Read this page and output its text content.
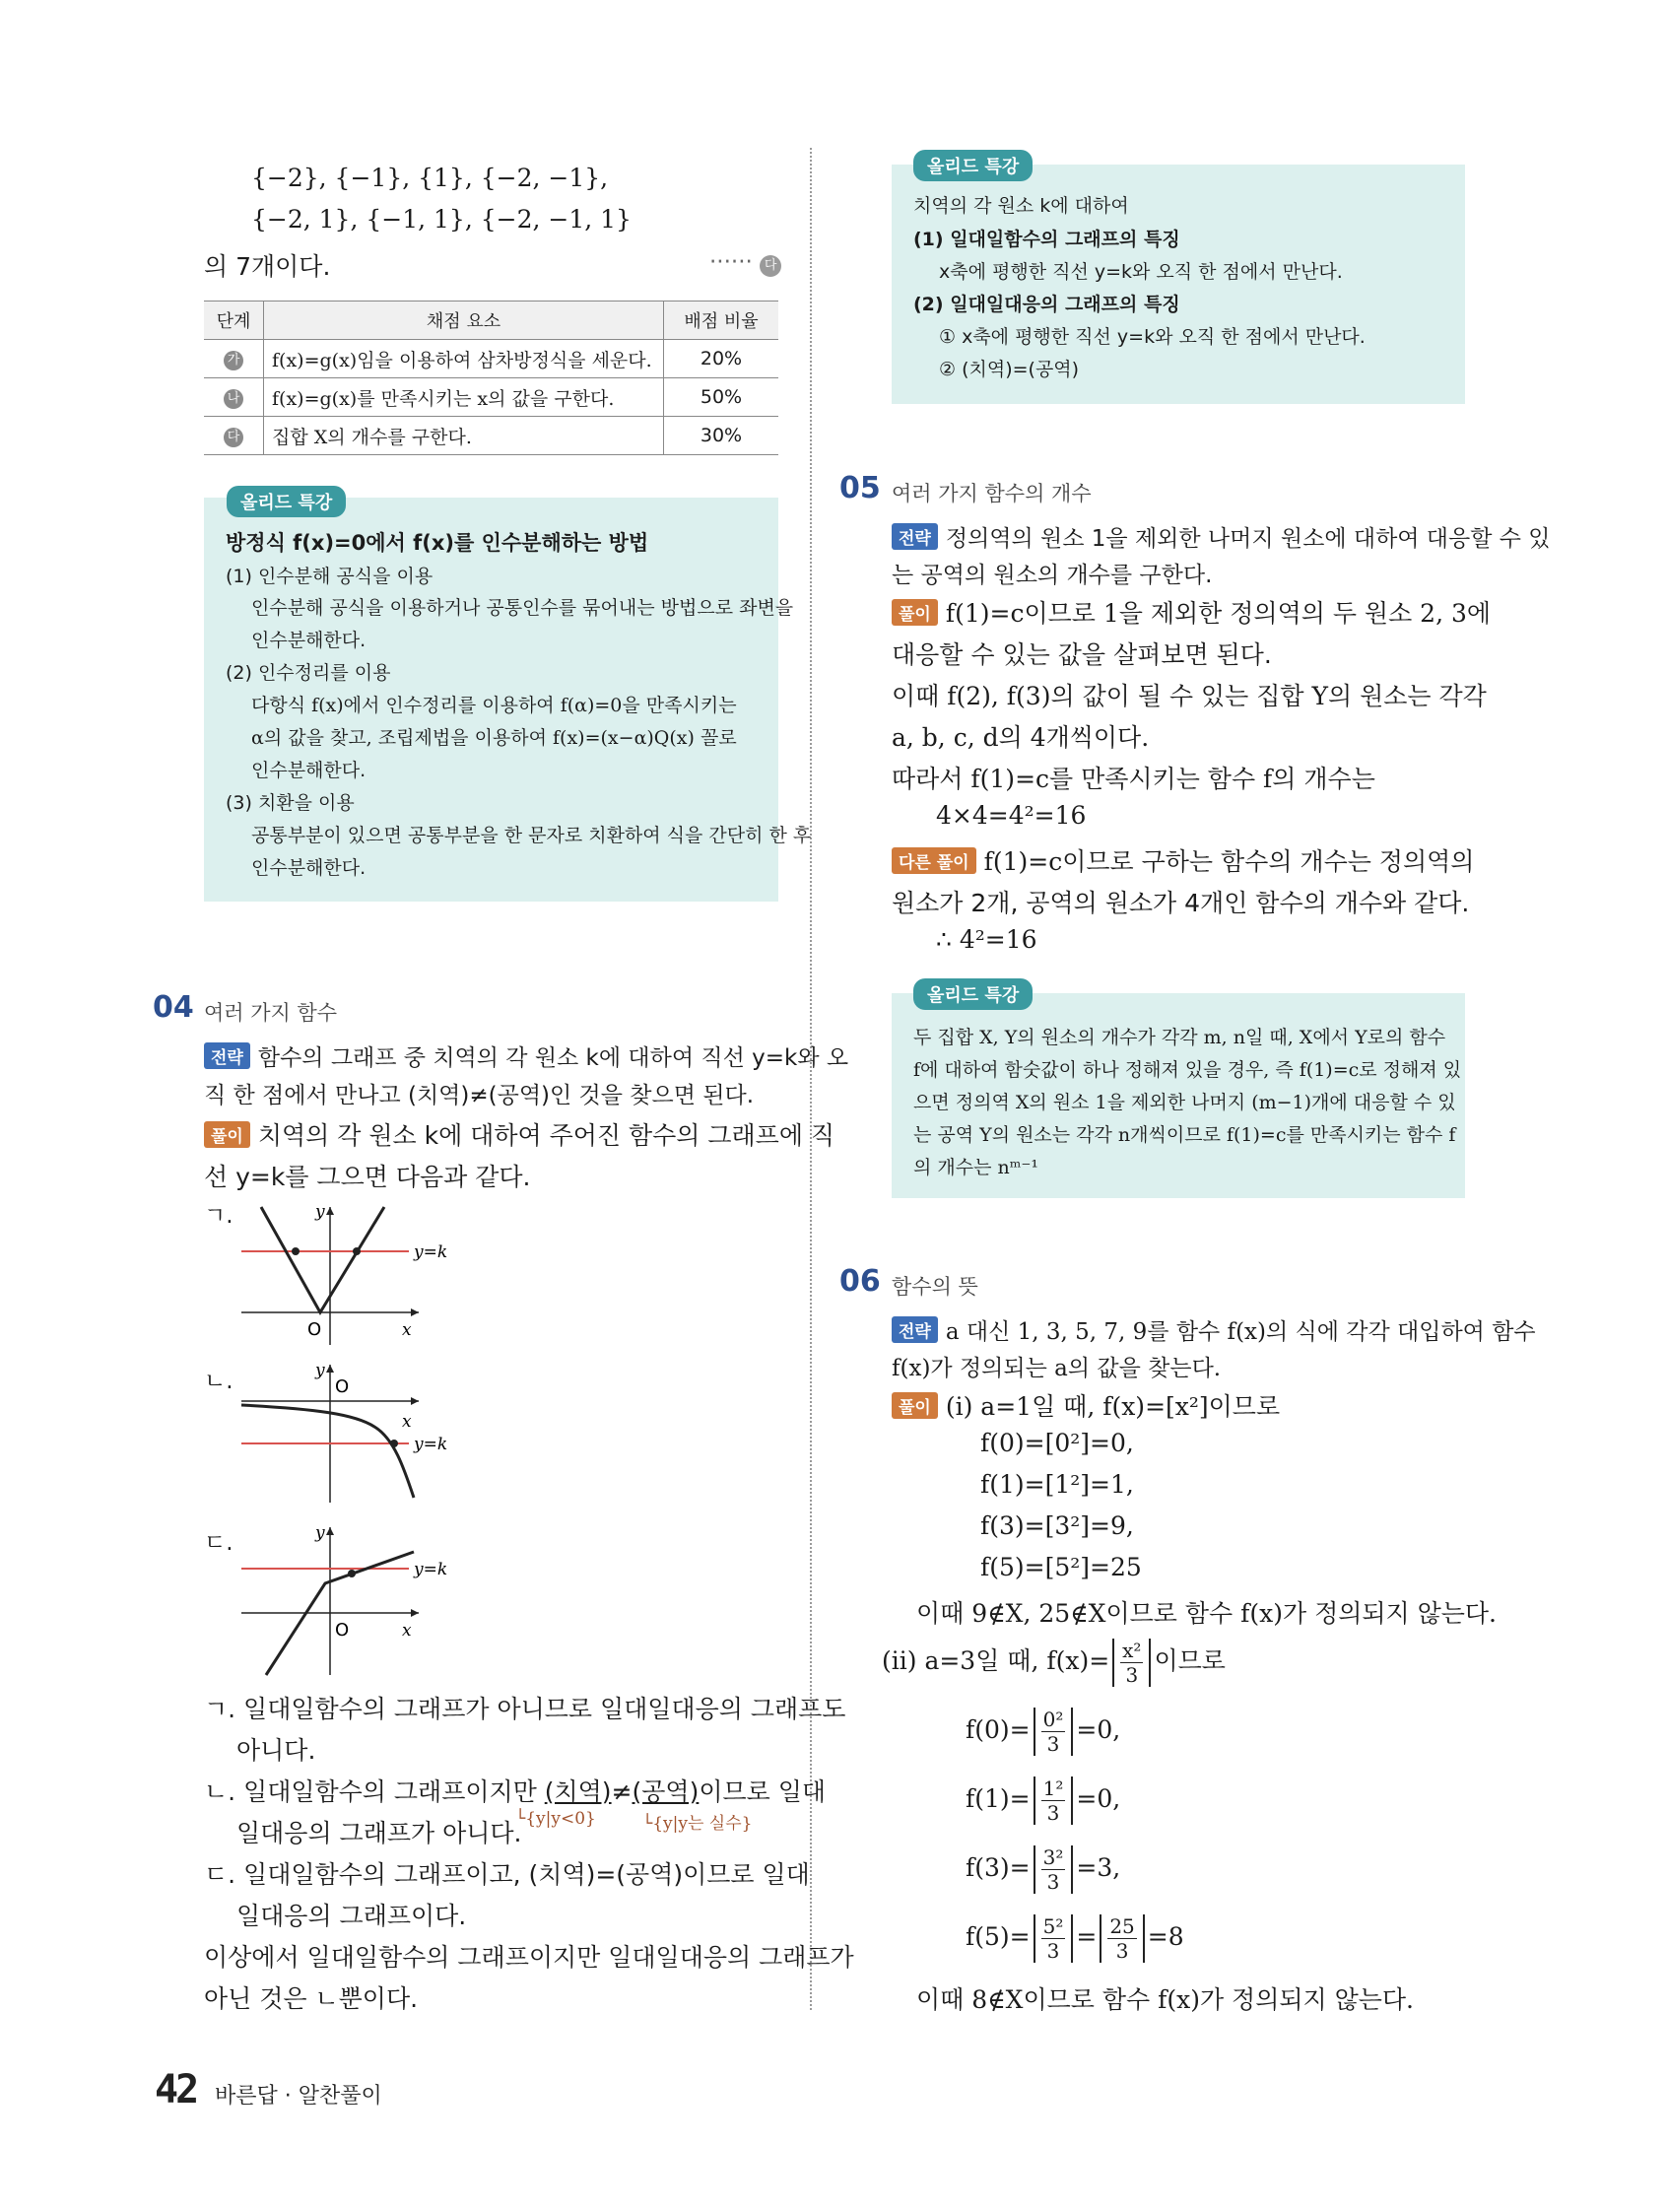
{−2}, {−1}, {1}, {−2, −1},
{−2, 1}, {−1, 1}, {−2, −1, 1}
의 7개이다.	······ 다
단계	채점 요소	배점 비율
가	f(x)=g(x)임을 이용하여 삼차방정식을 세운다.	20%
나	f(x)=g(x)를 만족시키는 x의 값을 구한다.	50%
다	집합 X의 개수를 구한다.	30%
방정식 f(x)=0에서 f(x)를 인수분해하는 방법
(1) 인수분해 공식을 이용
인수분해 공식을 이용하거나 공통인수를 묶어내는 방법으로 좌변을
인수분해한다.
(2) 인수정리를 이용
다항식 f(x)에서 인수정리를 이용하여 f(α)=0을 만족시키는
α의 값을 찾고, 조립제법을 이용하여 f(x)=(x−α)Q(x) 꼴로
인수분해한다.
(3) 치환을 이용
공통부분이 있으면 공통부분을 한 문자로 치환하여 식을 간단히 한 후
인수분해한다.
올리드 특강
04 여러 가지 함수
전략 함수의 그래프 중 치역의 각 원소 k에 대하여 직선 y=k와 오
직 한 점에서 만나고 (치역)≠(공역)인 것을 찾으면 된다.
풀이 치역의 각 원소 k에 대하여 주어진 함수의 그래프에 직
선 y=k를 그으면 다음과 같다.
ㄱ.	y
x
O
y=k
ㄴ.	y
x
O
y=k
ㄷ.	y
x
O
y=k
ㄱ. 일대일함수의 그래프가 아니므로 일대일대응의 그래프도
아니다.
ㄴ. 일대일함수의 그래프이지만 (치역)≠(공역)이므로 일대
일대응의 그래프가 아니다.
└{y|y<0}	└{y|y는 실수}
ㄷ. 일대일함수의 그래프이고, (치역)=(공역)이므로 일대
일대응의 그래프이다.
이상에서 일대일함수의 그래프이지만 일대일대응의 그래프가
아닌 것은 ㄴ뿐이다.
치역의 각 원소 k에 대하여
(1) 일대일함수의 그래프의 특징
x축에 평행한 직선 y=k와 오직 한 점에서 만난다.
(2) 일대일대응의 그래프의 특징
① x축에 평행한 직선 y=k와 오직 한 점에서 만난다.
② (치역)=(공역)
올리드 특강
05 여러 가지 함수의 개수
전략 정의역의 원소 1을 제외한 나머지 원소에 대하여 대응할 수 있
는 공역의 원소의 개수를 구한다.
풀이 f(1)=c이므로 1을 제외한 정의역의 두 원소 2, 3에
대응할 수 있는 값을 살펴보면 된다.
이때 f(2), f(3)의 값이 될 수 있는 집합 Y의 원소는 각각
a, b, c, d의 4개씩이다.
따라서 f(1)=c를 만족시키는 함수 f의 개수는
4×4=4²=16
다른 풀이 f(1)=c이므로 구하는 함수의 개수는 정의역의
원소가 2개, 공역의 원소가 4개인 함수의 개수와 같다.
∴ 4²=16
두 집합 X, Y의 원소의 개수가 각각 m, n일 때, X에서 Y로의 함수
f에 대하여 함숫값이 하나 정해져 있을 경우, 즉 f(1)=c로 정해져 있
으면 정의역 X의 원소 1을 제외한 나머지 (m−1)개에 대응할 수 있
는 공역 Y의 원소는 각각 n개씩이므로 f(1)=c를 만족시키는 함수 f
의 개수는 nᵐ⁻¹
올리드 특강
06 함수의 뜻
전략 a 대신 1, 3, 5, 7, 9를 함수 f(x)의 식에 각각 대입하여 함수
f(x)가 정의되는 a의 값을 찾는다.
풀이 (i) a=1일 때, f(x)=[x²]이므로
f(0)=[0²]=0,
f(1)=[1²]=1,
f(3)=[3²]=9,
f(5)=[5²]=25
이때 9∉X, 25∉X이므로 함수 f(x)가 정의되지 않는다.
(ii) a=3일 때, $f(x)= \frac{\text{x²}}{3}$ 이므로
$f(0)= \frac{\text{0²}}{3} =0$,
$f(1)= \frac{\text{1²}}{3} =0$,
$f(3)= \frac{\text{3²}}{3} =3$,
$f(5)= \frac{\text{5²}}{3} = \frac{25}{3} =8$
이때 8∉X이므로 함수 f(x)가 정의되지 않는다.
42 바른답 · 알찬풀이
